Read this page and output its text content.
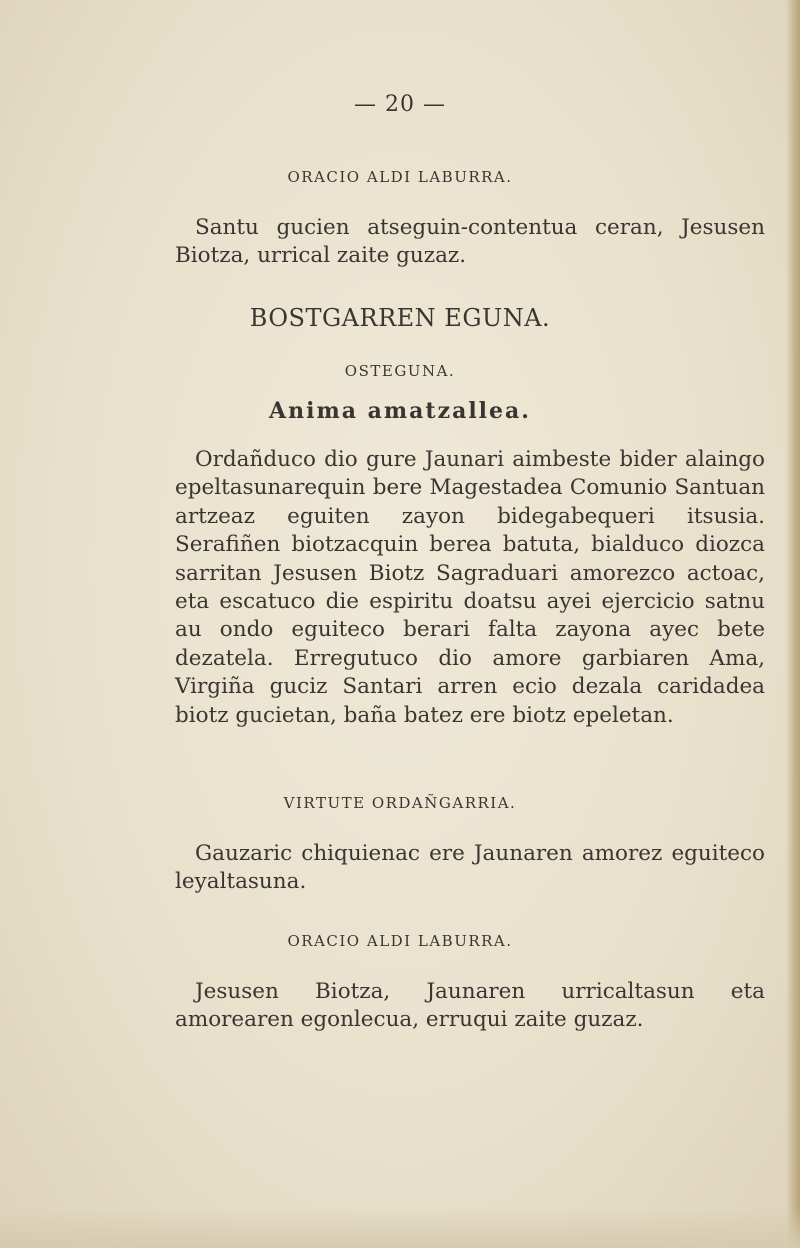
— 20 —
ORACIO ALDI LABURRA.
Santu gucien atseguin-contentua ceran, Jesusen Biotza, urrical zaite guzaz.
BOSTGARREN EGUNA.
OSTEGUNA.
Anima amatzallea.
Ordañduco dio gure Jaunari aimbeste bider alaingo epeltasunarequin bere Magestadea Comunio Santuan artzeaz eguiten zayon bidegabequeri itsusia. Serafiñen biotzacquin berea batuta, bialduco diozca sarritan Jesusen Biotz Sagraduari amorezco actoac, eta escatuco die espiritu doatsu ayei ejercicio satnu au ondo eguiteco berari falta zayona ayec bete dezatela. Erregutuco dio amore garbiaren Ama, Virgiña guciz Santari arren ecio dezala caridadea biotz gucietan, baña batez ere biotz epeletan.
VIRTUTE ORDAÑGARRIA.
Gauzaric chiquienac ere Jaunaren amorez eguiteco leyaltasuna.
ORACIO ALDI LABURRA.
Jesusen Biotza, Jaunaren urricaltasun eta amorearen egonlecua, erruqui zaite guzaz.
